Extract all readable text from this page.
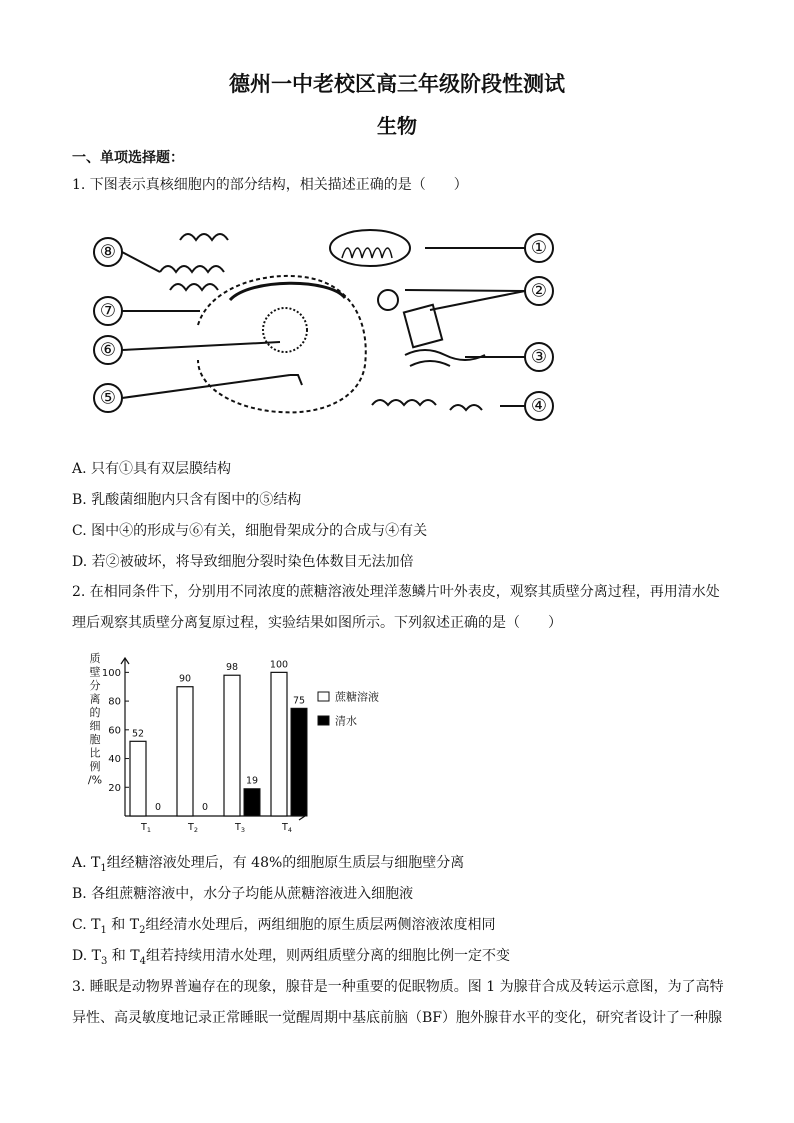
德州一中老校区高三年级阶段性测试
生物
一、单项选择题：
1. 下图表示真核细胞内的部分结构，相关描述正确的是（　　）
⑧
⑦
⑥
⑤
①
②
③
④
A. 只有①具有双层膜结构
B. 乳酸菌细胞内只含有图中的⑤结构
C. 图中④的形成与⑥有关，细胞骨架成分的合成与④有关
D. 若②被破坏，将导致细胞分裂时染色体数目无法加倍
2. 在相同条件下，分别用不同浓度的蔗糖溶液处理洋葱鳞片叶外表皮，观察其质壁分离过程，再用清水处
理后观察其质壁分离复原过程，实验结果如图所示。下列叙述正确的是（　　）
质
壁
分
离
的
细
胞
比
例
/%
20
40
60
80
100
52
0
$T_1$
90
0
$T_2$
98
19
$T_3$
100
75
$T_4$
蔗糖溶液
清水
A. $T_1$组经糖溶液处理后，有 48%的细胞原生质层与细胞壁分离
B. 各组蔗糖溶液中，水分子均能从蔗糖溶液进入细胞液
C. $T_1$ 和 $T_2$组经清水处理后，两组细胞的原生质层两侧溶液浓度相同
D. $T_3$ 和 $T_4$组若持续用清水处理，则两组质壁分离的细胞比例一定不变
3. 睡眠是动物界普遍存在的现象，腺苷是一种重要的促眠物质。图 1 为腺苷合成及转运示意图，为了高特
异性、高灵敏度地记录正常睡眠一觉醒周期中基底前脑（BF）胞外腺苷水平的变化，研究者设计了一种腺
